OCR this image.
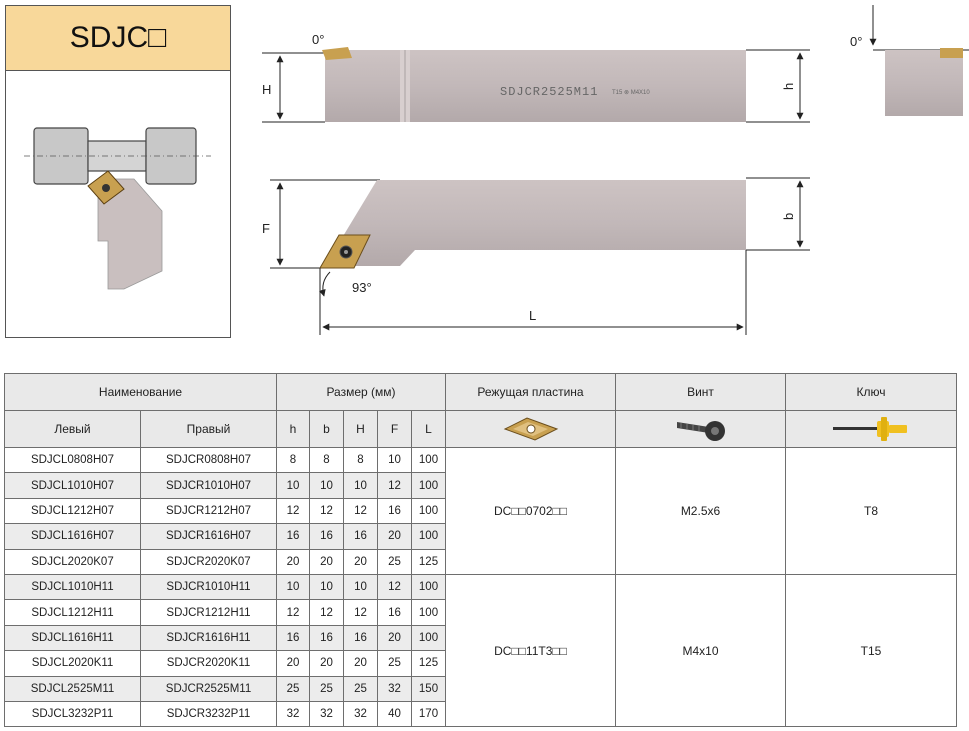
SDJC□
H
0°
SDJCR2525M11 T15 ⊗ M4X10
h
0°
F
b
L
93°
Наименование		Размер (мм)					Режущая пластина	Винт	Ключ
Левый	Правый	h	b	H	F	L	

SDJCL0808H07	SDJCR0808H07	8	8	8	10	100	DC□□0702□□	M2.5x6	T8
SDJCL1010H07	SDJCR1010H07	10	10	10	12	100			
SDJCL1212H07	SDJCR1212H07	12	12	12	16	100			
SDJCL1616H07	SDJCR1616H07	16	16	16	20	100			
SDJCL2020K07	SDJCR2020K07	20	20	20	25	125			
SDJCL1010H11	SDJCR1010H11	10	10	10	12	100	DC□□11T3□□	M4x10	T15
SDJCL1212H11	SDJCR1212H11	12	12	12	16	100			
SDJCL1616H11	SDJCR1616H11	16	16	16	20	100			
SDJCL2020K11	SDJCR2020K11	20	20	20	25	125			
SDJCL2525M11	SDJCR2525M11	25	25	25	32	150			
SDJCL3232P11	SDJCR3232P11	32	32	32	40	170			
